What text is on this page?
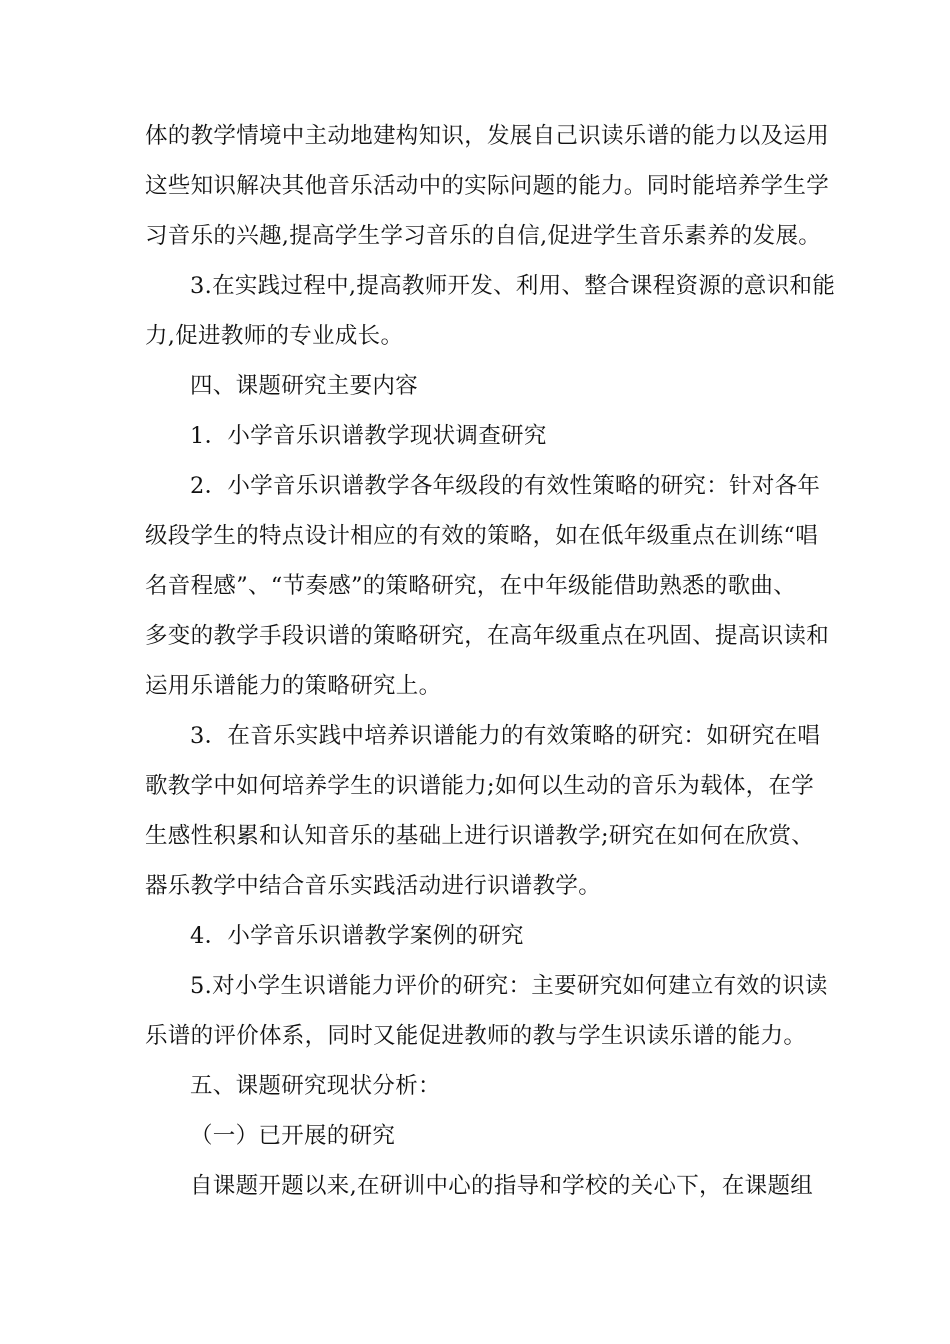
体的教学情境中主动地建构知识，发展自己识读乐谱的能力以及运用
这些知识解决其他音乐活动中的实际问题的能力。同时能培养学生学
习音乐的兴趣,提高学生学习音乐的自信,促进学生音乐素养的发展。
3.在实践过程中,提高教师开发、利用、整合课程资源的意识和能
力,促进教师的专业成长。
四、课题研究主要内容
1．小学音乐识谱教学现状调查研究
2．小学音乐识谱教学各年级段的有效性策略的研究：针对各年
级段学生的特点设计相应的有效的策略，如在低年级重点在训练“唱
名音程感”、“节奏感”的策略研究，在中年级能借助熟悉的歌曲、
多变的教学手段识谱的策略研究，在高年级重点在巩固、提高识读和
运用乐谱能力的策略研究上。
3．在音乐实践中培养识谱能力的有效策略的研究：如研究在唱
歌教学中如何培养学生的识谱能力;如何以生动的音乐为载体，在学
生感性积累和认知音乐的基础上进行识谱教学;研究在如何在欣赏、
器乐教学中结合音乐实践活动进行识谱教学。
4．小学音乐识谱教学案例的研究
5.对小学生识谱能力评价的研究：主要研究如何建立有效的识读
乐谱的评价体系，同时又能促进教师的教与学生识读乐谱的能力。
五、课题研究现状分析：
（一）已开展的研究
自课题开题以来,在研训中心的指导和学校的关心下，在课题组
